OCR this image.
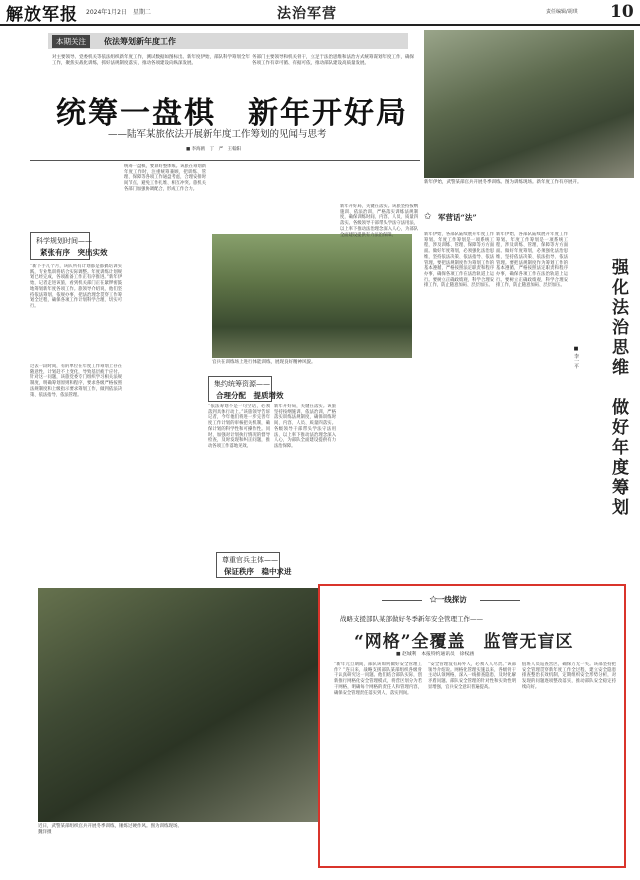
解放军报 2024年1月2日　星期二	法治军营	责任编辑/胡琪 10
本期关注	依法筹划新年度工作
对主要领导、党委机关等依法组织新年度工作，测试数据如图标出。新年度伊始，部队科学筹划全年工作，聚焦实战化训练，抓好法规制度落实，推动各项建设向纵深发展。
务部门主要领导和机关骨干，立足于法治思维和法治方式统筹谋划年度工作，确保各项工作有章可循、有据可依，推动部队建设高质量发展。
新年伊始，武警某部官兵开展冬季训练。图为训练现场。新年度工作有序展开。
统筹一盘棋　新年开好局
——陆军某旅依法开展新年度工作筹划的见闻与思考
■ 李海鸥　丁　严　王翰阳
科学规划时间——
紧张有序　突出实效
“新下手几个月，该队所有计划都是都搞培训实践，专业集训将结合实际调整。年度训练计划规划已经完成，各项准备工作正有序推进。”新年伊始，记者走进该旅，看到机关部门正在紧锣密鼓地筹划新年度各项工作。旅领导介绍说，他们坚持依法筹划、依规办事，把法治理念贯穿工作筹划全过程，确保各项工作计划科学合理、切实可行。
过去一段时间，有的单位在年度工作筹划上存在随意性，计划赶不上变化，导致基层疲于应付。针对这一问题，该旅党委专门组织学习相关法规制度，明确筹划原则和程序，要求各级严格按照法规制度和上级指示要求筹划工作，做到依法决策、依法指导、依法管理。
统筹一盘棋，要算好整体账。该旅在筹划新年度工作时，注重统筹兼顾，把训练、管理、保障等各项工作通盘考虑，合理安排时间节点，避免工作扎堆、相互冲突。旅机关各部门加强协调配合，形成工作合力。
官兵在训练场上进行体能训练，展现良好精神风貌。
集约统筹资源——
合理分配　提质增效
“依法筹划不是一句空话，必须落到具体行动上。”该旅领导告诉记者，今年他们将进一步完善年度工作计划的审核把关机制，确保计划的科学性和可操作性。同时，加强对计划执行情况的督导检查，及时发现和纠正问题，推动各项工作落地见效。
尊重官兵主体——
保证秩序　稳中求进
新年开好局，关键在落实。该旅坚持按纲施训、依法治训，严格落实训练法规制度，确保训练时间、内容、人员、质量四落实。各级领导干部带头学法守法用法，以上率下推动法治理念深入人心，为部队全面建设提供有力法治保障。
新年开好局，关键在落实。该旅坚持按纲施训、依法治训，严格落实训练法规制度，确保训练时间、内容、人员、质量四落实。各级领导干部带头学法守法用法，以上率下推动法治理念深入人心，为部队全面建设提供有力法治保障。
✩ 军营话“法”
新年伊始，各部队陆续展开年度工作筹划。年度工作筹划是一项系统工程，涉及训练、管理、保障等方方面面。做好年度筹划，必须强化法治思维，坚持依法决策、依法指导、依法管理。要把法规制度作为筹划工作的基本遵循，严格按照法定职责和程序办事，确保各项工作在法治轨道上运行。要树立正确政绩观，科学合理安排工作，防止随意加码、层层加压。
新年伊始，各部队陆续展开年度工作筹划。年度工作筹划是一项系统工程，涉及训练、管理、保障等方方面面。做好年度筹划，必须强化法治思维，坚持依法决策、依法指导、依法管理。要把法规制度作为筹划工作的基本遵循，严格按照法定职责和程序办事，确保各项工作在法治轨道上运行。要树立正确政绩观，科学合理安排工作，防止随意加码、层层加压。	强化法治思维　做好年度筹划
■ 李一平
近日，武警某部组织官兵开展冬季训练，锤炼过硬作风。图为训练现场。　　　　　　　　　　　　　　　　　　　　　　　　　　　　　　　　　　　　　　　　魏洋摄
✩一线探访
战略支援部队某部做好冬季新年安全管理工作——
“网格”全覆盖　监管无盲区
■ 赵城利　本报特约通讯员　徐权涵
“新年元旦期间，部队该如何做好安全管理工作？”连日来，战略支援部队某部组织各级骨干认真研究这一问题。他们结合部队实际，创新推行网格化安全管理模式，将营区划分为若干网格，明确每个网格的责任人和管理内容，确保安全管理责任落实到人、落实到岗。
“安全管理没有局外人，必须人人尽责。”该部领导介绍说。网格化管理实施以来，各级骨干主动认领网格，深入一线排查隐患，及时化解矛盾问题。部队安全管理的针对性和实效性明显增强，官兵安全意识普遍提高。
值班人员巡查营区，确保万无一失。该部坚持把安全管理贯穿新年度工作全过程，建立安全隐患排查整治长效机制，定期组织安全形势分析，对发现的问题逐项整改落实，推动部队安全稳定持续向好。
